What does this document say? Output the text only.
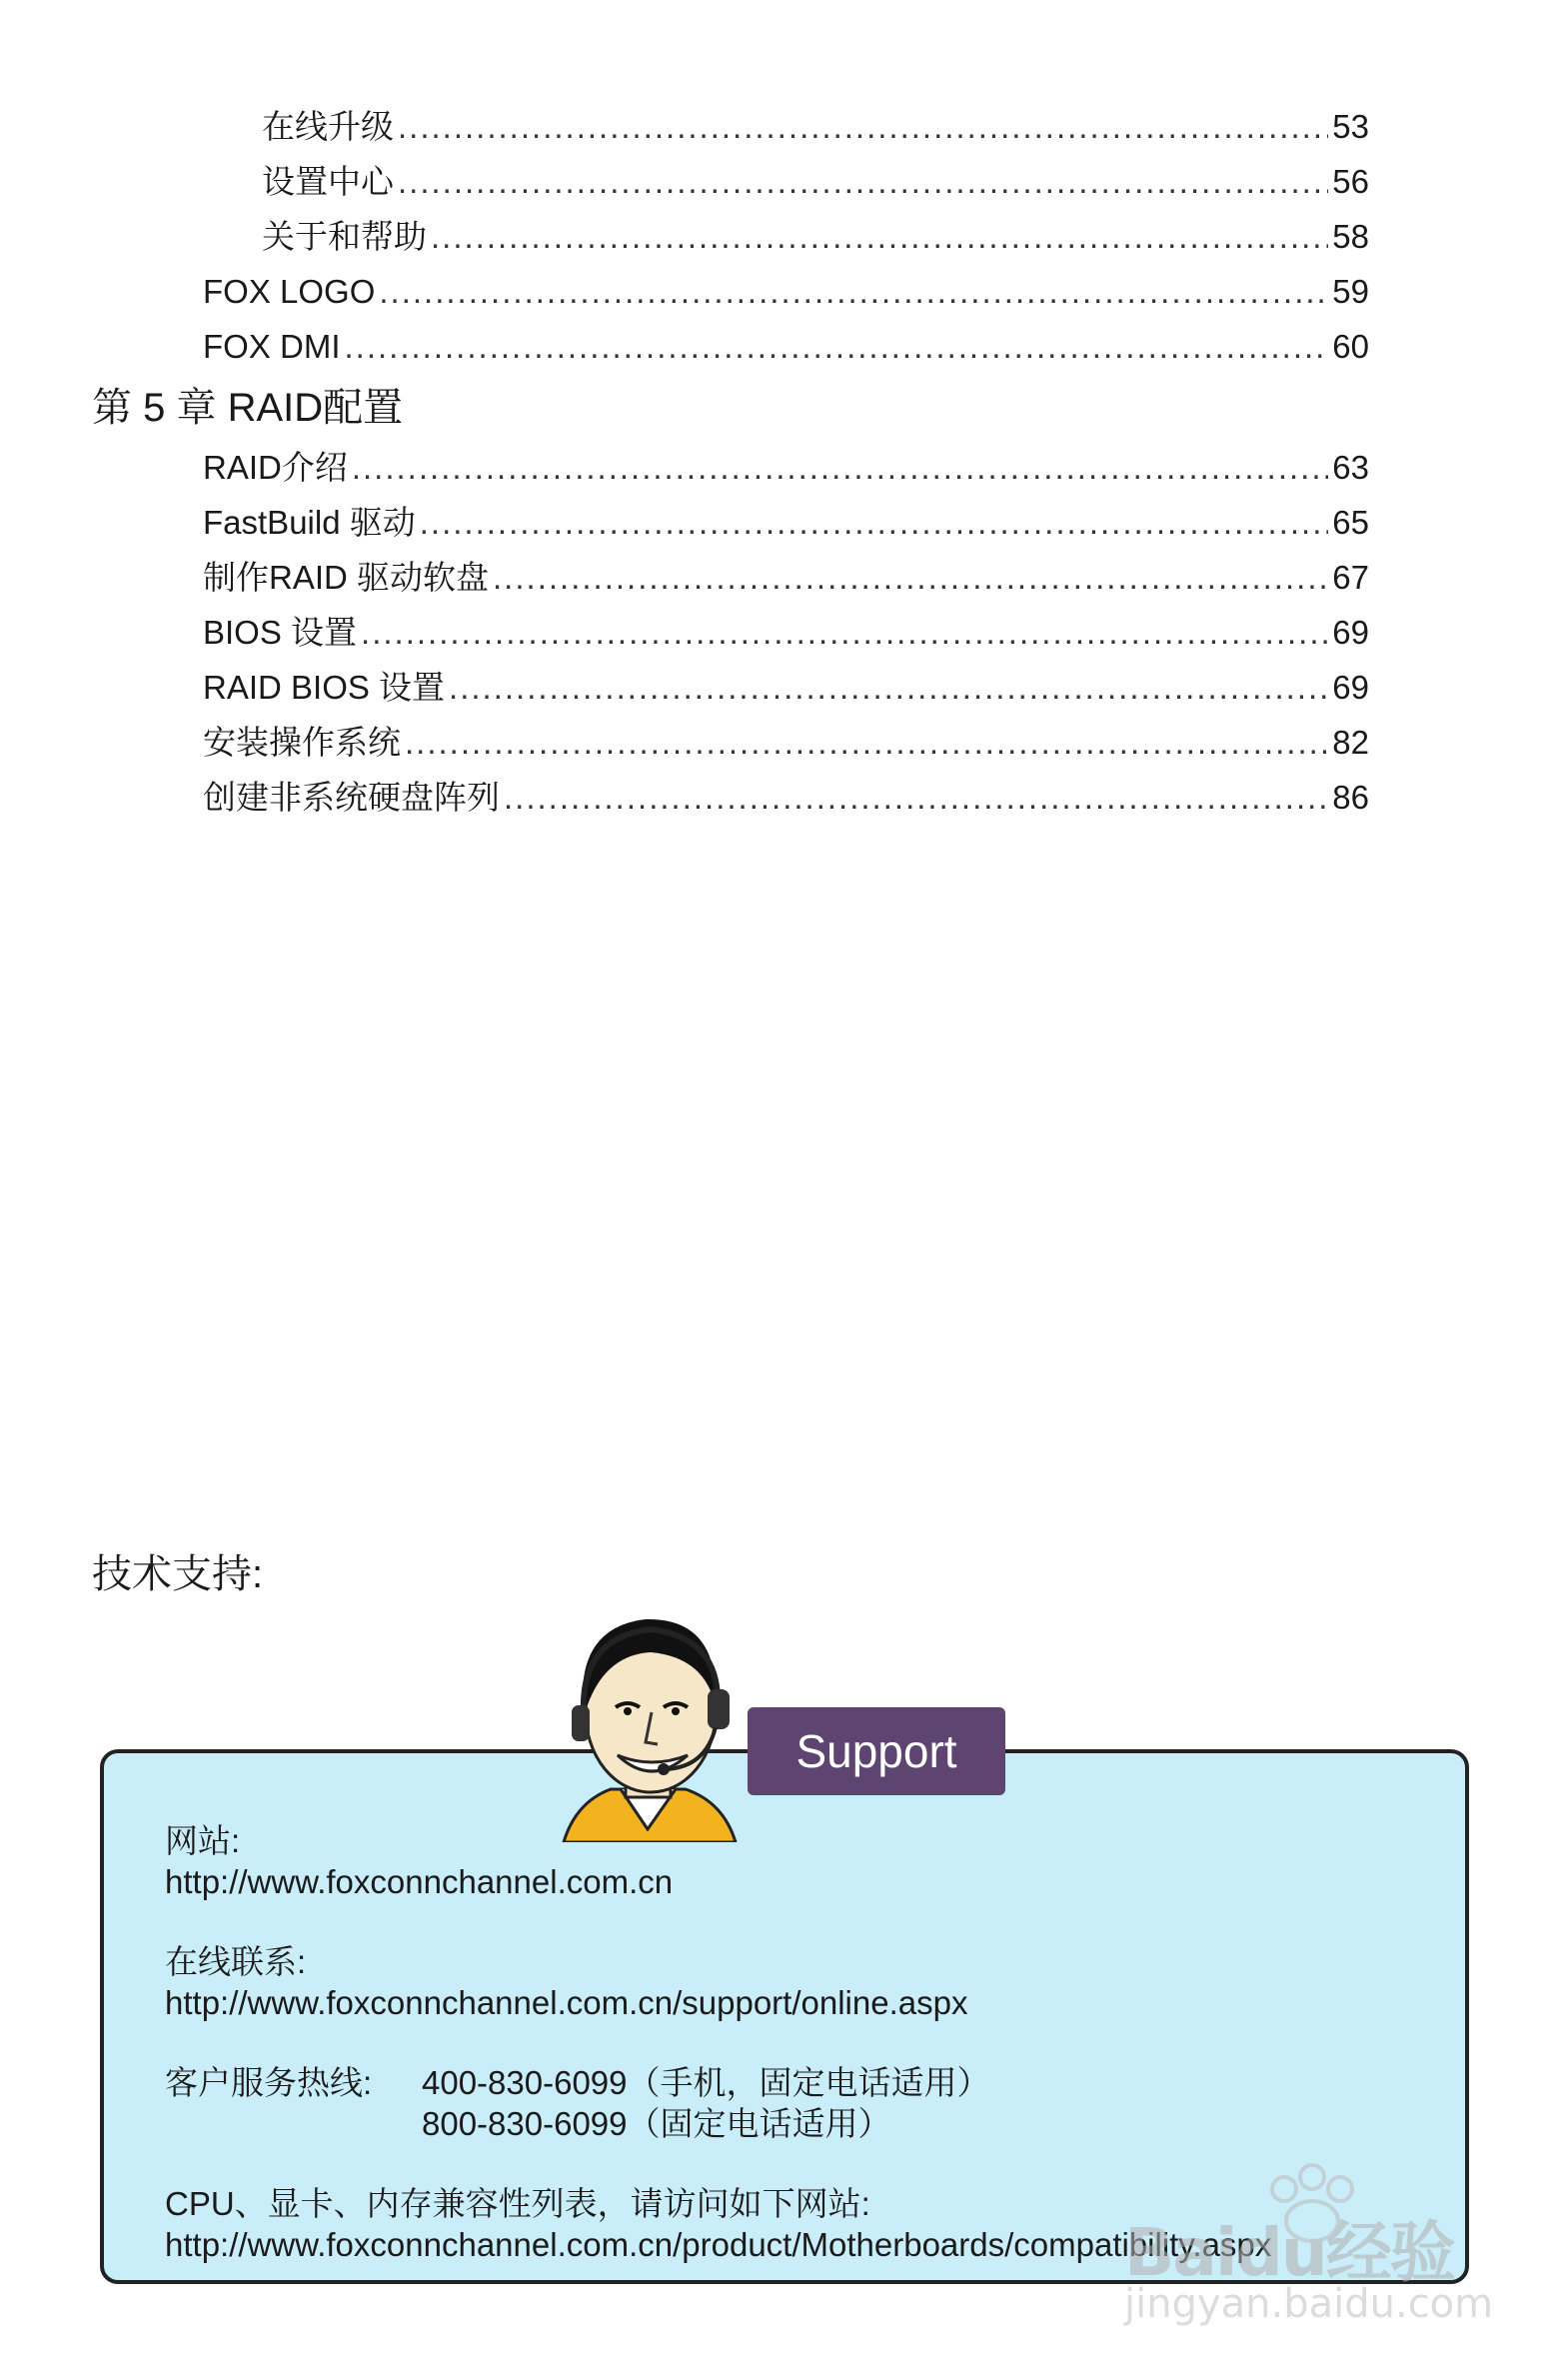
在线升级 .....	53
设置中心 .....	56
关于和帮助 .....	58
FOX LOGO .....	59
FOX DMI .....	60
第 5 章 RAID配置
RAID介绍 .....	63
FastBuild 驱动 .....	65
制作RAID 驱动软盘 .....	67
BIOS 设置 .....	69
RAID BIOS 设置 .....	69
安装操作系统 .....	82
创建非系统硬盘阵列 .....	86
技术支持:
Support
网站:
http://www.foxconnchannel.com.cn
在线联系:
http://www.foxconnchannel.com.cn/support/online.aspx
客户服务热线: 400-830-6099（手机，固定电话适用）
800-830-6099（固定电话适用）
CPU、显卡、内存兼容性列表，请访问如下网站:
http://www.foxconnchannel.com.cn/product/Motherboards/compatibility.aspx
Baidu经验
jingyan.baidu.com
